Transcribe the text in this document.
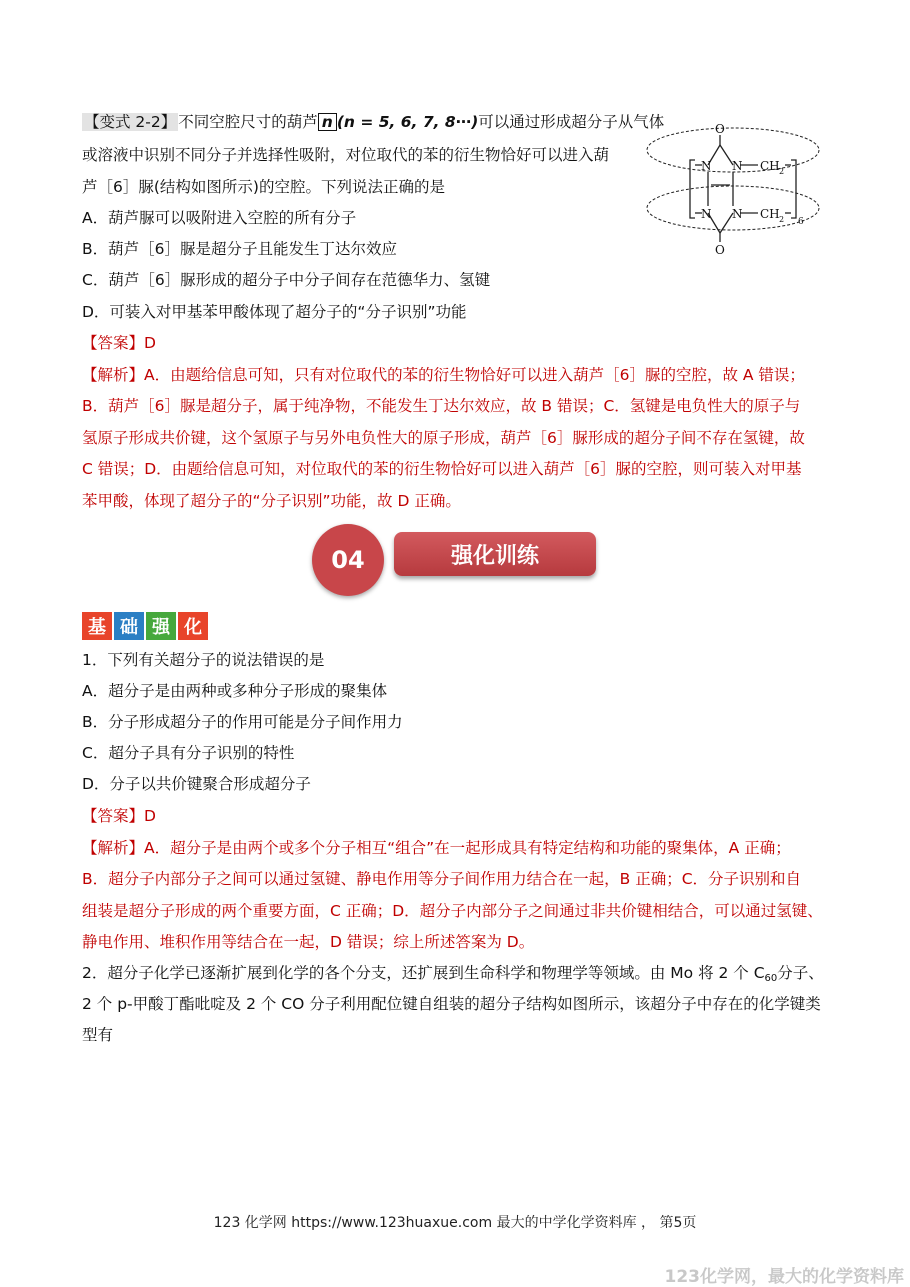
【变式 2-2】 不同空腔尺寸的葫芦 n (n = 5, 6, 7, 8⋯)可以通过形成超分子从气体
或溶液中识别不同分子并选择性吸附，对位取代的苯的衍生物恰好可以进入葫
芦［6］脲(结构如图所示)的空腔。下列说法正确的是
A．葫芦脲可以吸附进入空腔的所有分子
B．葫芦［6］脲是超分子且能发生丁达尔效应
C．葫芦［6］脲形成的超分子中分子间存在范德华力、氢键
D．可装入对甲基苯甲酸体现了超分子的“分子识别”功能
【答案】D
【解析】A．由题给信息可知，只有对位取代的苯的衍生物恰好可以进入葫芦［6］脲的空腔，故 A 错误；
B．葫芦［6］脲是超分子，属于纯净物，不能发生丁达尔效应，故 B 错误；C．氢键是电负性大的原子与
氢原子形成共价键，这个氢原子与另外电负性大的原子形成，葫芦［6］脲形成的超分子间不存在氢键，故
C 错误；D．由题给信息可知，对位取代的苯的衍生物恰好可以进入葫芦［6］脲的空腔，则可装入对甲基
苯甲酸，体现了超分子的“分子识别”功能，故 D 正确。
O
O
N N
N N
CH 2
CH 2 6
04	强化训练
基 础 强 化
1．下列有关超分子的说法错误的是
A．超分子是由两种或多种分子形成的聚集体
B．分子形成超分子的作用可能是分子间作用力
C．超分子具有分子识别的特性
D．分子以共价键聚合形成超分子
【答案】D
【解析】A．超分子是由两个或多个分子相互“组合”在一起形成具有特定结构和功能的聚集体，A 正确；
B．超分子内部分子之间可以通过氢键、静电作用等分子间作用力结合在一起，B 正确；C．分子识别和自
组装是超分子形成的两个重要方面，C 正确；D．超分子内部分子之间通过非共价键相结合，可以通过氢键、
静电作用、堆积作用等结合在一起，D 错误；综上所述答案为 D。
2．超分子化学已逐渐扩展到化学的各个分支，还扩展到生命科学和物理学等领域。由 Mo 将 2 个 $C_{60}$分子、
2 个 p-甲酸丁酯吡啶及 2 个 CO 分子利用配位键自组装的超分子结构如图所示，该超分子中存在的化学键类
型有
123 化学网 https://www.123huaxue.com 最大的中学化学资料库 ， 第5页
123化学网，最大的化学资料库
